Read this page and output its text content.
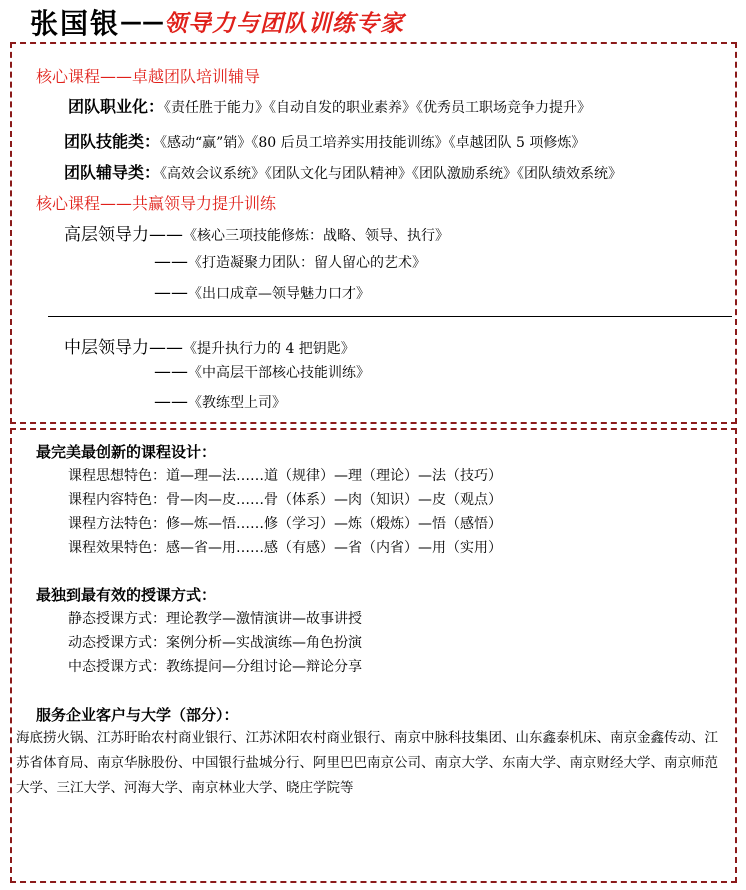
张国银——领导力与团队训练专家
核心课程——卓越团队培训辅导
团队职业化：《责任胜于能力》《自动自发的职业素养》《优秀员工职场竞争力提升》
团队技能类：《感动“赢”销》《80 后员工培养实用技能训练》《卓越团队 5 项修炼》
团队辅导类：《高效会议系统》《团队文化与团队精神》《团队激励系统》《团队绩效系统》
核心课程——共赢领导力提升训练
高层领导力——《核心三项技能修炼：战略、领导、执行》
——《打造凝聚力团队：留人留心的艺术》
——《出口成章—领导魅力口才》
中层领导力——《提升执行力的 4 把钥匙》
——《中高层干部核心技能训练》
——《教练型上司》
最完美最创新的课程设计：
课程思想特色：道—理—法……道（规律）—理（理论）—法（技巧）
课程内容特色：骨—肉—皮……骨（体系）—肉（知识）—皮（观点）
课程方法特色：修—炼—悟……修（学习）—炼（煅炼）—悟（感悟）
课程效果特色：感—省—用……感（有感）—省（内省）—用（实用）
最独到最有效的授课方式：
静态授课方式：理论教学—激情演讲—故事讲授
动态授课方式：案例分析—实战演练—角色扮演
中态授课方式：教练提问—分组讨论—辩论分享
服务企业客户与大学（部分）：
海底捞火锅、江苏盱眙农村商业银行、江苏沭阳农村商业银行、南京中脉科技集团、山东鑫泰机床、南京金鑫传动、江苏省体育局、南京华脉股份、中国银行盐城分行、阿里巴巴南京公司、南京大学、东南大学、南京财经大学、南京师范大学、三江大学、河海大学、南京林业大学、晓庄学院等
